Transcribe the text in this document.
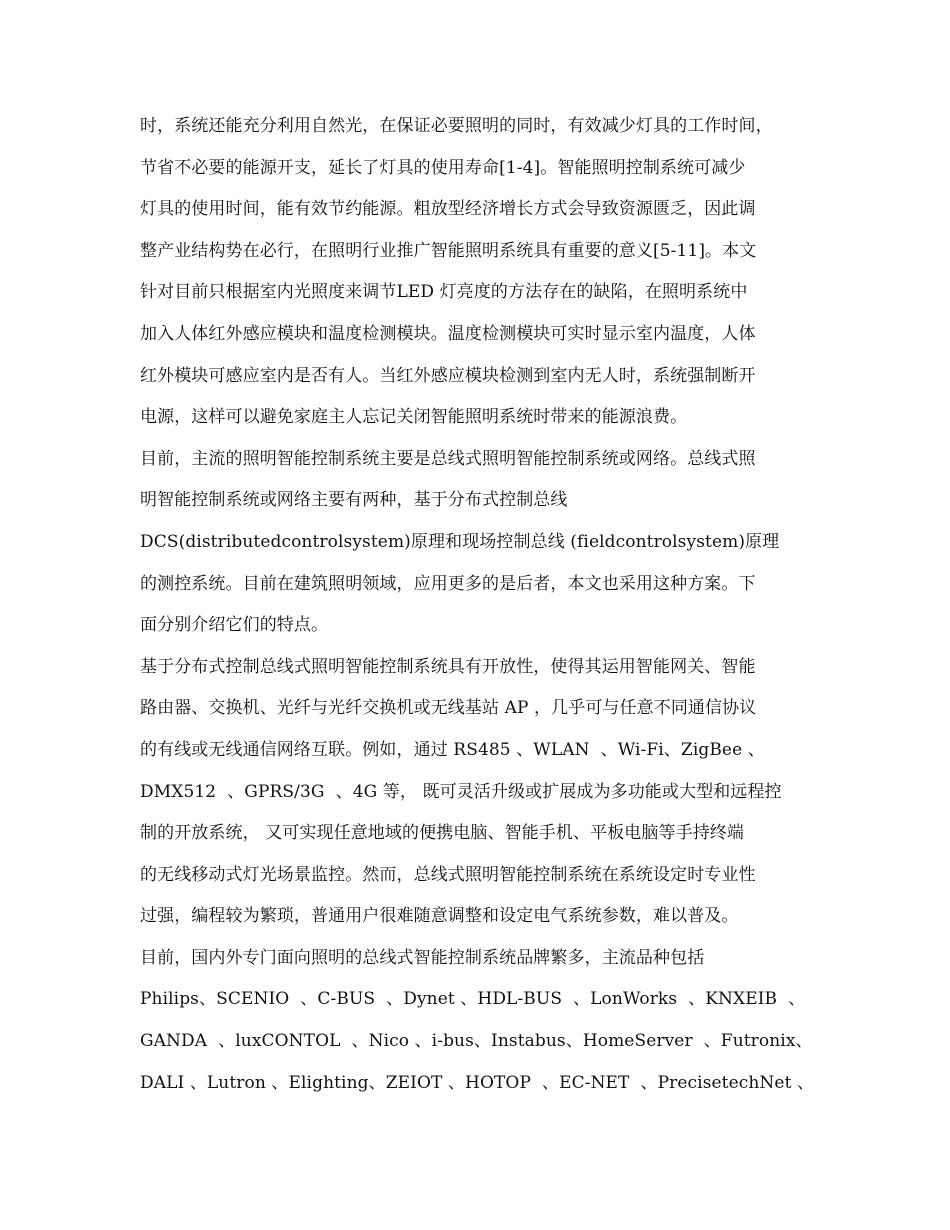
时，系统还能充分利用自然光，在保证必要照明的同时，有效减少灯具的工作时间，
节省不必要的能源开支，延长了灯具的使用寿命[1-4]。智能照明控制系统可减少
灯具的使用时间，能有效节约能源。粗放型经济增长方式会导致资源匮乏，因此调
整产业结构势在必行，在照明行业推广智能照明系统具有重要的意义[5-11]。本文
针对目前只根据室内光照度来调节LED 灯亮度的方法存在的缺陷，在照明系统中
加入人体红外感应模块和温度检测模块。温度检测模块可实时显示室内温度，人体
红外模块可感应室内是否有人。当红外感应模块检测到室内无人时，系统强制断开
电源，这样可以避免家庭主人忘记关闭智能照明系统时带来的能源浪费。
目前，主流的照明智能控制系统主要是总线式照明智能控制系统或网络。总线式照
明智能控制系统或网络主要有两种，基于分布式控制总线
DCS(distributedcontrolsystem)原理和现场控制总线 (fieldcontrolsystem)原理
的测控系统。目前在建筑照明领域，应用更多的是后者，本文也采用这种方案。下
面分别介绍它们的特点。
基于分布式控制总线式照明智能控制系统具有开放性，使得其运用智能网关、智能
路由器、交换机、光纤与光纤交换机或无线基站 AP ，几乎可与任意不同通信协议
的有线或无线通信网络互联。例如，通过 RS485 、WLAN  、Wi-Fi、ZigBee 、
DMX512  、GPRS/3G  、4G 等， 既可灵活升级或扩展成为多功能或大型和远程控
制的开放系统， 又可实现任意地域的便携电脑、智能手机、平板电脑等手持终端
的无线移动式灯光场景监控。然而，总线式照明智能控制系统在系统设定时专业性
过强，编程较为繁琐，普通用户很难随意调整和设定电气系统参数，难以普及。
目前，国内外专门面向照明的总线式智能控制系统品牌繁多，主流品种包括
Philips、SCENIO  、C-BUS  、Dynet 、HDL-BUS  、LonWorks  、KNXEIB  、
GANDA  、luxCONTOL  、Nico 、i-bus、Instabus、HomeServer  、Futronix、
DALI 、Lutron 、Elighting、ZEIOT 、HOTOP  、EC-NET  、PrecisetechNet 、
